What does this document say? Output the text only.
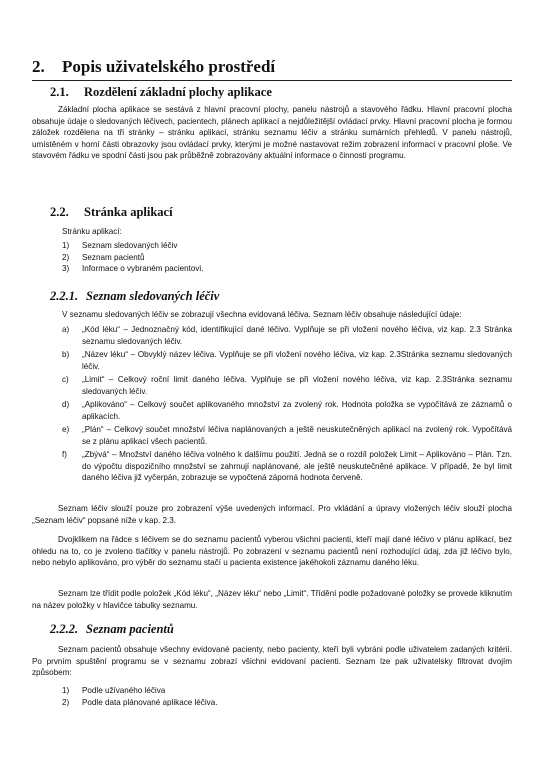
2. Popis uživatelského prostředí
2.1. Rozdělení základní plochy aplikace

Základní plocha aplikace se sestává z hlavní pracovní plochy, panelu nástrojů a stavového řádku. Hlavní pracovní plocha obsahuje údaje o sledovaných léčivech, pacientech, plánech aplikací a nejdůležitější ovládací prvky. Hlavní pracovní plocha je formou záložek rozdělena na tři stránky – stránku aplikací, stránku seznamu léčiv a stránku sumárních přehledů. V panelu nástrojů, umístěném v horní části obrazovky jsou ovládací prvky, kterými je možné nastavovat režim zobrazení informací v pracovní ploše. Ve stavovém řádku ve spodní části jsou pak průběžně zobrazovány aktuální informace o činnosti programu.

2.2. Stránka aplikací
Stránku aplikací:
1) Seznam sledovaných léčiv
2) Seznam pacientů
3) Informace o vybraném pacientovi.
2.2.1. Seznam sledovaných léčiv

V seznamu sledovaných léčiv se zobrazují všechna evidovaná léčiva. Seznam léčiv obsahuje následující údaje:

a) „Kód léku“ – Jednoznačný kód, identifikující dané léčivo. Vyplňuje se při vložení nového léčiva, viz kap. 2.3 Stránka seznamu sledovaných léčiv.
b) „Název léku“ – Obvyklý název léčiva. Vyplňuje se při vložení nového léčiva, viz kap. 2.3Stránka seznamu sledovaných léčiv.
c) „Limit“ – Celkový roční limit daného léčiva. Vyplňuje se při vložení nového léčiva, viz kap. 2.3Stránka seznamu sledovaných léčiv.
d) „Aplikováno“ – Celkový součet aplikovaného množství za zvolený rok. Hodnota položka se vypočítává ze záznamů o aplikacích.
e) „Plán“ – Celkový součet množství léčiva naplánovaných a ještě neuskutečněných aplikací na zvolený rok. Vypočítává se z plánu aplikací všech pacientů.
f) „Zbývá“ – Množství daného léčiva volného k dalšímu použití. Jedná se o rozdíl položek Limit – Aplikováno – Plán. Tzn. do výpočtu dispozičního množství se zahrnují naplánované, ale ještě neuskutečněné aplikace. V případě, že byl limit daného léčiva již vyčerpán, zobrazuje se vypočtená záporná hodnota červeně.

Seznam léčiv slouží pouze pro zobrazení výše uvedených informací. Pro vkládání a úpravy vložených léčiv slouží plocha „Seznam léčiv“ popsané níže v kap. 2.3.

Dvojklikem na řádce s léčivem se do seznamu pacientů vyberou všichni pacienti, kteří mají dané léčivo v plánu aplikací, bez ohledu na to, co je zvoleno tlačítky v panelu nástrojů. Po zobrazení v seznamu pacientů není rozhodující údaj, zda již léčivo bylo, nebo nebylo aplikováno, pro výběr do seznamu stačí u pacienta existence jakéhokoli záznamu daného léku.

Seznam lze třídit podle položek „Kód léku“, „Název léku“ nebo „Limit“. Třídění podle požadované položky se provede kliknutím na název položky v hlavičce tabulky seznamu.

2.2.2. Seznam pacientů

Seznam pacientů obsahuje všechny evidované pacienty, nebo pacienty, kteří byli vybráni podle uživatelem zadaných kritérií. Po prvním spuštění programu se v seznamu zobrazí všichni evidovaní pacienti. Seznam lze pak uživatelsky filtrovat dvojím způsobem:

1) Podle užívaného léčiva
2) Podle data plánované aplikace léčiva.
